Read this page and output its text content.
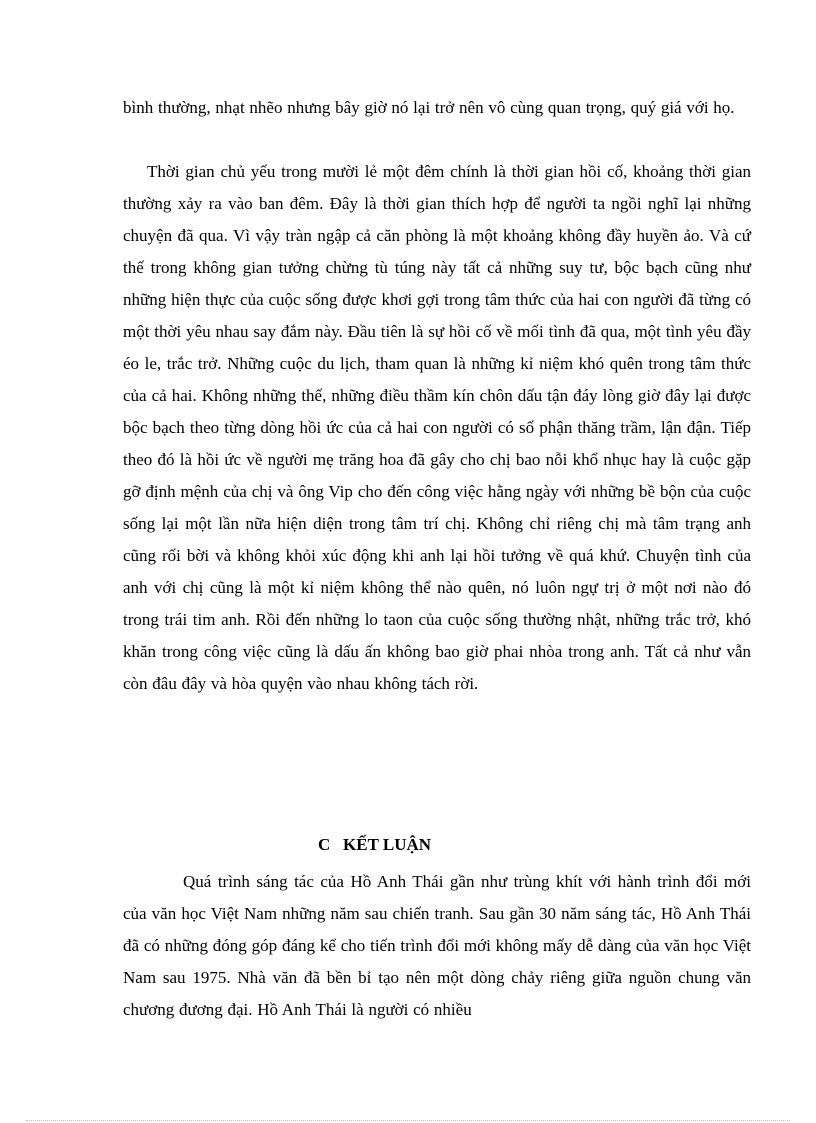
bình thường, nhạt nhẽo nhưng bây giờ nó lại trở nên vô cùng quan trọng, quý giá với họ.

Thời gian chủ yếu trong mười lẻ một đêm chính là thời gian hồi cố, khoảng thời gian thường xảy ra vào ban đêm. Đây là thời gian thích hợp để người ta ngồi nghĩ lại những chuyện đã qua. Vì vậy tràn ngập cả căn phòng là một khoảng không đầy huyền ảo. Và cứ thế trong không gian tưởng chừng tù túng này tất cả những suy tư, bộc bạch cũng như những hiện thực của cuộc sống được khơi gợi trong tâm thức của hai con người đã từng có một thời yêu nhau say đắm này. Đầu tiên là sự hồi cố về mối tình đã qua, một tình yêu đầy éo le, trắc trở. Những cuộc du lịch, tham quan là những kỉ niệm khó quên trong tâm thức của cả hai. Không những thế, những điều thầm kín chôn dấu tận đáy lòng giờ đây lại được bộc bạch theo từng dòng hồi ức của cả hai con người có số phận thăng trầm, lận đận. Tiếp theo đó là hồi ức về người mẹ trăng hoa đã gây cho chị bao nỗi khổ nhục hay là cuộc gặp gỡ định mệnh của chị và ông Vip cho đến công việc hằng ngày với những bề bộn của cuộc sống lại một lần nữa hiện diện trong tâm trí chị. Không chỉ riêng chị mà tâm trạng anh cũng rối bời và không khỏi xúc động khi anh lại hồi tưởng về quá khứ. Chuyện tình của anh với chị cũng là một kỉ niệm không thể nào quên, nó luôn ngự trị ở một nơi nào đó trong trái tim anh. Rồi đến những lo taon của cuộc sống thường nhật, những trắc trở, khó khăn trong công việc cũng là dấu ấn không bao giờ phai nhòa trong anh. Tất cả như vẫn còn đâu đây và hòa quyện vào nhau không tách rời.

C   KẾT LUẬN

Quá trình sáng tác của Hồ Anh Thái gần như trùng khít với hành trình đổi mới của văn học Việt Nam những năm sau chiến tranh. Sau gần 30 năm sáng tác, Hồ Anh Thái đã có những đóng góp đáng kể cho tiến trình đổi mới không mấy dễ dàng của văn học Việt Nam sau 1975. Nhà văn đã bền bỉ tạo nên một dòng chảy riêng giữa nguồn chung văn chương đương đại. Hồ Anh Thái là người có nhiều
